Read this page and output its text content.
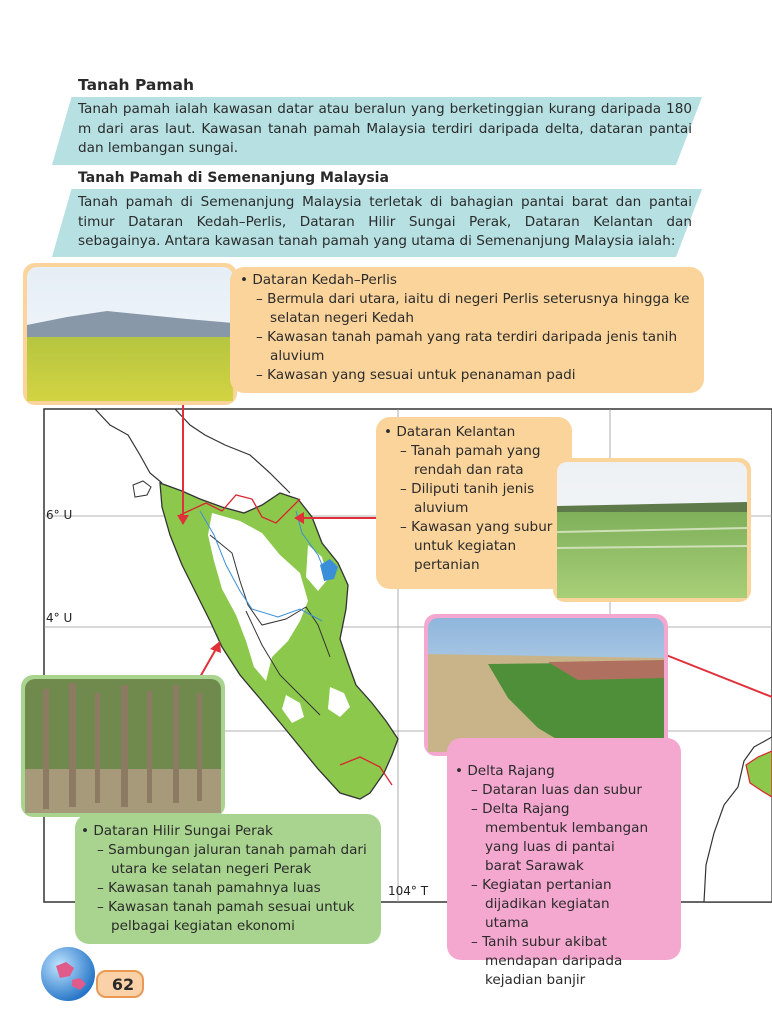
Tanah Pamah
Tanah pamah ialah kawasan datar atau beralun yang berketinggian kurang daripada 180 m dari aras laut. Kawasan tanah pamah Malaysia terdiri daripada delta, dataran pantai dan lembangan sungai.
Tanah Pamah di Semenanjung Malaysia
Tanah pamah di Semenanjung Malaysia terletak di bahagian pantai barat dan pantai timur Dataran Kedah–Perlis, Dataran Hilir Sungai Perak, Dataran Kelantan dan sebagainya. Antara kawasan tanah pamah yang utama di Semenanjung Malaysia ialah:
6° U
4° U
104° T
• Dataran Kedah–Perlis
– Bermula dari utara, iaitu di negeri Perlis seterusnya hingga ke selatan negeri Kedah
– Kawasan tanah pamah yang rata terdiri daripada jenis tanih aluvium
– Kawasan yang sesuai untuk penanaman padi
• Dataran Kelantan
– Tanah pamah yang rendah dan rata
– Diliputi tanih jenis aluvium
– Kawasan yang subur untuk kegiatan pertanian
• Delta Rajang
– Dataran luas dan subur
– Delta Rajang membentuk lembangan yang luas di pantai barat Sarawak
– Kegiatan pertanian dijadikan kegiatan utama
– Tanih subur akibat mendapan daripada kejadian banjir
• Dataran Hilir Sungai Perak
– Sambungan jaluran tanah pamah dari utara ke selatan negeri Perak
– Kawasan tanah pamahnya luas
– Kawasan tanah pamah sesuai untuk pelbagai kegiatan ekonomi
62
